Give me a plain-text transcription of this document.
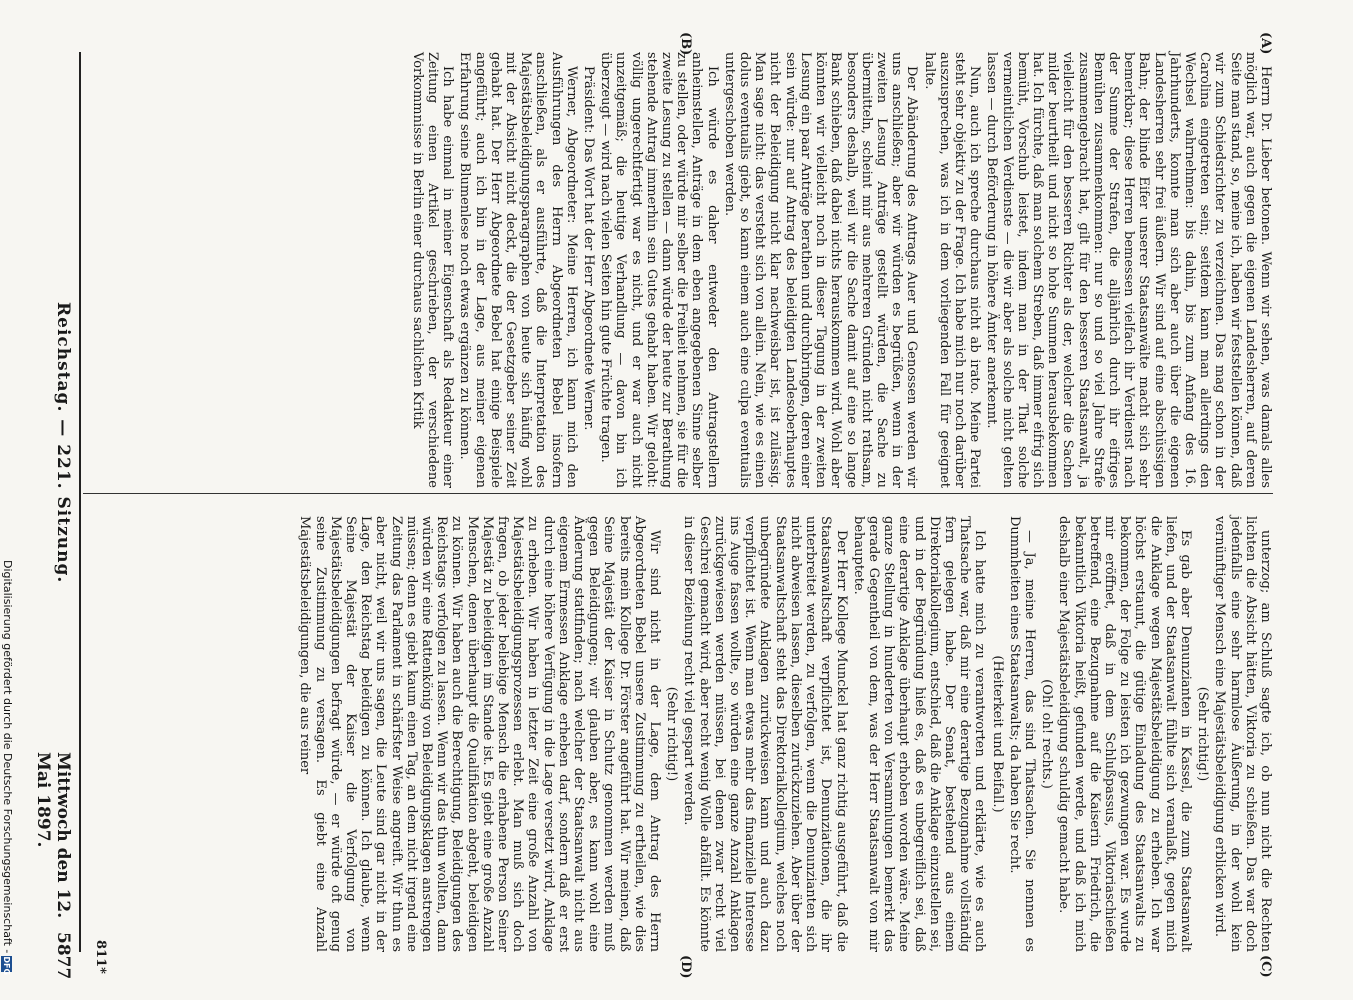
Digitalisierung gefördert durch die Deutsche Forschungsgemeinschaft -DFG
Reichstag. — 221. Sitzung.
Mittwoch den 12. Mai 1897.
5877
(A)
(B)
(C)
(D)

Herrn Dr. Lieber betonen. Wenn wir sehen, was damals alles möglich war, auch gegen die eigenen Landesherren, auf deren Seite man stand, so, meine ich, haben wir feststellen können, daß wir zum Schiedsrichter zu verzeichnen. Das mag schon in der Carolina eingetreten sein; seitdem kann man allerdings den Wechsel wahrnehmen: bis dahin, bis zum Anfang des 16. Jahrhunderts, konnte man sich aber auch über die eigenen Landesherren sehr frei äußern. Wir sind auf eine abschüssigen Bahn; der blinde Eifer unserer Staatsanwälte macht sich sehr bemerkbar; diese Herren bemessen vielfach ihr Verdienst nach der Summe der Strafen, die alljährlich durch ihr eifriges Bemühen zusammenkommen: nur so und so viel Jahre Strafe zusammengebracht hat, gilt für den besseren Staatsanwalt, ja vielleicht für den besseren Richter als der, welcher die Sachen milder beurtheilt und nicht so hohe Summen herausbekommen hat. Ich fürchte, daß man solchem Streben, daß immer eifrig sich bemüht, Vorschub leistet, indem man in der That solche vermeintlichen Verdienste — die wir aber als solche nicht gelten lassen — durch Beförderung in höhere Ämter anerkennt.

Nun, auch ich spreche durchaus nicht ab irato. Meine Partei steht sehr objektiv zu der Frage. Ich habe mich nur noch darüber auszusprechen, was ich in dem vorliegenden Fall für geeignet halte.

Der Abänderung des Antrags Auer und Genossen werden wir uns anschließen; aber wir würden es begrüßen, wenn in der zweiten Lesung Anträge gestellt würden, die Sache zu übermitteln, scheint mir aus mehreren Gründen nicht rathsam, besonders deshalb, weil wir die Sache damit auf eine so lange Bank schieben, daß dabei nichts herauskommen wird. Wohl aber könnten wir vielleicht noch in dieser Tagung in der zweiten Lesung ein paar Anträge berathen und durchbringen, deren einer sein würde: nur auf Antrag des beleidigten Landesoberhauptes nicht der Beleidigung nicht klar nachweisbar ist, ist zulässig. Man sage nicht: das versteht sich von allein. Nein, wie es einen dolus eventualis giebt, so kann einem auch eine culpa eventualis untergeschoben werden.

Ich würde es daher entweder den Antragstellern anheimstellen, Anträge in dem eben angegebenen Sinne selber zu stellen, oder würde mir selber die Freiheit nehmen, sie für die zweite Lesung zu stellen — dann würde der heute zur Berathung stehende Antrag immerhin sein Gutes gehabt haben. Wir geloht: völlig ungerechtfertigt war es nicht, und er war auch nicht unzeitgemäß; die heutige Verhandlung — davon bin ich überzeugt — wird nach vielen Seiten hin gute Früchte tragen.

Präsident: Das Wort hat der Herr Abgeordnete Werner.

Werner, Abgeordneter: Meine Herren, ich kann mich den Ausführungen des Herrn Abgeordneten Bebel insofern anschließen, als er ausführte, daß die Interpretation des Majestätsbeleidigungsparagraphen von heute sich häufig wohl mit der Absicht nicht deckt, die der Gesetzgeber seiner Zeit gehabt hat. Der Herr Abgeordnete Bebel hat einige Beispiele angeführt; auch ich bin in der Lage, aus meiner eigenen Erfahrung seine Blumenlese noch etwas ergänzen zu können.

Ich habe einmal in meiner Eigenschaft als Redakteur einer Zeitung einen Artikel geschrieben, der verschiedene Vorkommnisse in Berlin einer durchaus sachlichen Kritik

unterzog; am Schluß sagte ich, ob nun nicht die Rechten lichten die Absicht hätten, Viktoria zu schießen. Das war doch jedenfalls eine sehr harmlose Äußerung, in der wohl kein vernünftiger Mensch eine Majestätsbeleidigung erblicken wird.

(Sehr richtig!)

Es gab aber Denunzianten in Kassel, die zum Staatsanwalt liefen, und der Staatsanwalt fühlte sich veranlaßt, gegen mich die Anklage wegen Majestätsbeleidigung zu erheben. Ich war höchst erstaunt, die gütige Einladung des Staatsanwalts zu bekommen, der Folge zu leisten ich gezwungen war. Es wurde mir eröffnet, daß in dem Schlußpassus, Viktoriaschießen betreffend, eine Bezugnahme auf die Kaiserin Friedrich, die bekanntlich Viktoria heißt, gefunden werde, und daß ich mich deshalb einer Majestätsbeleidigung schuldig gemacht habe.

(Oh! oh! rechts.)

— Ja, meine Herren, das sind Thatsachen. Sie nennen es Dummheiten eines Staatsanwalts; da haben Sie recht.

(Heiterkeit und Beifall.)

Ich hatte mich zu verantworten und erklärte, wie es auch Thatsache war, daß mir eine derartige Bezugnahme vollständig fern gelegen habe. Der Senat, bestehend aus einem Direktorialkollegium, entschied, daß die Anklage einzustellen sei, und in der Begründung hieß es, daß es unbegreiflich sei, daß eine derartige Anklage überhaupt erhoben worden wäre. Meine ganze Stellung in hunderten von Versammlungen bemerkt das gerade Gegentheil von dem, was der Herr Staatsanwalt von mir behauptete.

Der Herr Kollege Munckel hat ganz richtig ausgeführt, daß die Staatsanwaltschaft verpflichtet ist, Denunziationen, die ihr unterbreitet werden, zu verfolgen, wenn die Denunzianten sich nicht abweisen lassen, dieselben zurückzuziehen. Aber über der Staatsanwaltschaft steht das Direktorialkollegium, welches noch unbegründete Anklagen zurückweisen kann und auch dazu verpflichtet ist. Wenn man etwas mehr das finanzielle Interesse ins Auge fassen wollte, so würden eine ganze Anzahl Anklagen zurückgewiesen werden müssen, bei denen zwar recht viel Geschrei gemacht wird, aber recht wenig Wolle abfällt. Es könnte in dieser Beziehung recht viel gespart werden.

(Sehr richtig!)

Wir sind nicht in der Lage, dem Antrag des Herrn Abgeordneten Bebel unsere Zustimmung zu ertheilen, wie dies bereits mein Kollege Dr. Förster angeführt hat. Wir meinen, daß Seine Majestät der Kaiser in Schutz genommen werden muß gegen Beleidigungen; wir glauben aber, es kann wohl eine Änderung stattfinden; nach welcher der Staatsanwalt nicht aus eigenem Ermessen Anklage erheben darf, sondern daß er erst durch eine höhere Verfügung in die Lage versetzt wird, Anklage zu erheben. Wir haben in letzter Zeit eine große Anzahl von Majestätsbeleidigungsprozessen erlebt. Man muß sich doch fragen, ob jeder beliebige Mensch die erhabene Person Seiner Majestät zu beleidigen im Stande ist. Es giebt eine große Anzahl Menschen, denen überhaupt die Qualifikation abgeht, beleidigen zu können. Wir haben auch die Berechtigung, Beleidigungen des Reichstags verfolgen zu lassen. Wenn wir das thun wollten, dann würden wir eine Rattenkönig von Beleidigungsklagen anstrengen müssen; denn es giebt kaum einen Tag, an dem nicht irgend eine Zeitung das Parlament in schärfster Weise angreift. Wir thun es aber nicht, weil wir uns sagen, die Leute sind gar nicht in der Lage, den Reichstag beleidigen zu können. Ich glaube, wenn Seine Majestät der Kaiser die Verfolgung von Majestätsbeleidigungen befragt würde, — er würde oft genug seine Zustimmung zu versagen. Es giebt eine Anzahl Majestätsbeleidigungen, die aus reiner

811*
